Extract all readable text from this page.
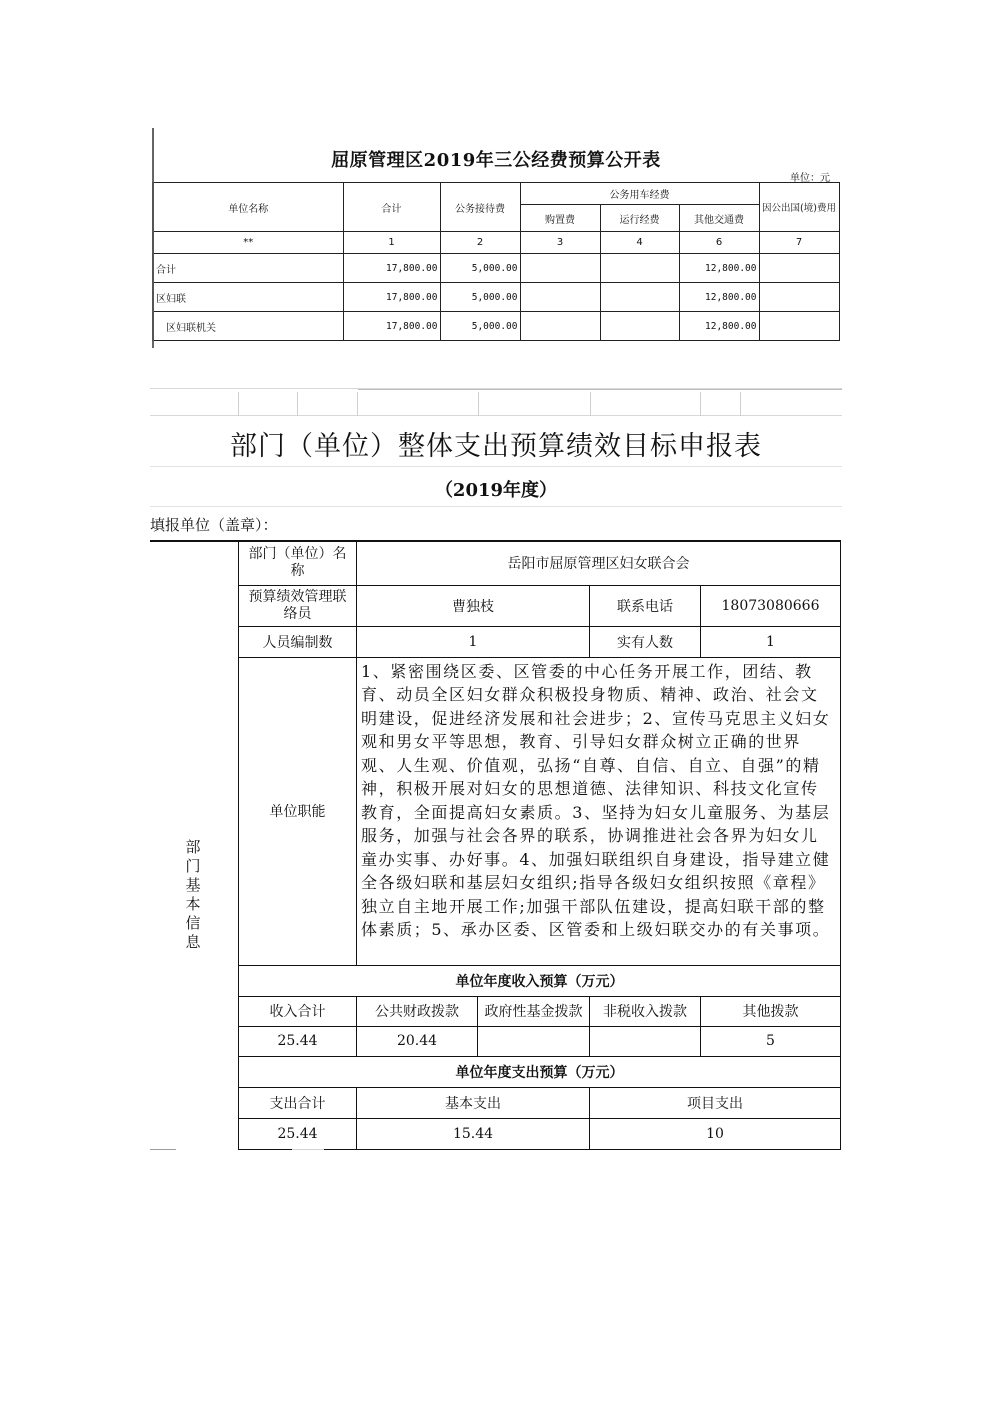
屈原管理区2019年三公经费预算公开表
单位：元
单位名称	合计	公务接待费	公务用车经费			因公出国(境)费用
			购置费	运行经费	其他交通费	
**	1	2	3	4	6	7
合计	17,800.00	5,000.00			12,800.00	
区妇联	17,800.00	5,000.00			12,800.00	
区妇联机关	17,800.00	5,000.00			12,800.00	
部门（单位）整体支出预算绩效目标申报表
（2019年度）
填报单位（盖章）：
部门基本信息
部门（单位）名称	岳阳市屈原管理区妇女联合会			
预算绩效管理联络员	曹独枝		联系电话	18073080666
人员编制数	1		实有人数	1
单位职能	1、紧密围绕区委、区管委的中心任务开展工作，团结、教育、动员全区妇女群众积极投身物质、精神、政治、社会文明建设，促进经济发展和社会进步；2、宣传马克思主义妇女观和男女平等思想，教育、引导妇女群众树立正确的世界观、人生观、价值观，弘扬“自尊、自信、自立、自强”的精神，积极开展对妇女的思想道德、法律知识、科技文化宣传教育，全面提高妇女素质。3、坚持为妇女儿童服务、为基层服务，加强与社会各界的联系，协调推进社会各界为妇女儿童办实事、办好事。4、加强妇联组织自身建设，指导建立健全各级妇联和基层妇女组织;指导各级妇女组织按照《章程》独立自主地开展工作;加强干部队伍建设，提高妇联干部的整体素质；5、承办区委、区管委和上级妇联交办的有关事项。			
单位年度收入预算（万元）				
收入合计	公共财政拨款	政府性基金拨款	非税收入拨款	其他拨款
25.44	20.44			5
单位年度支出预算（万元）				
支出合计	基本支出		项目支出	
25.44	15.44		10	
